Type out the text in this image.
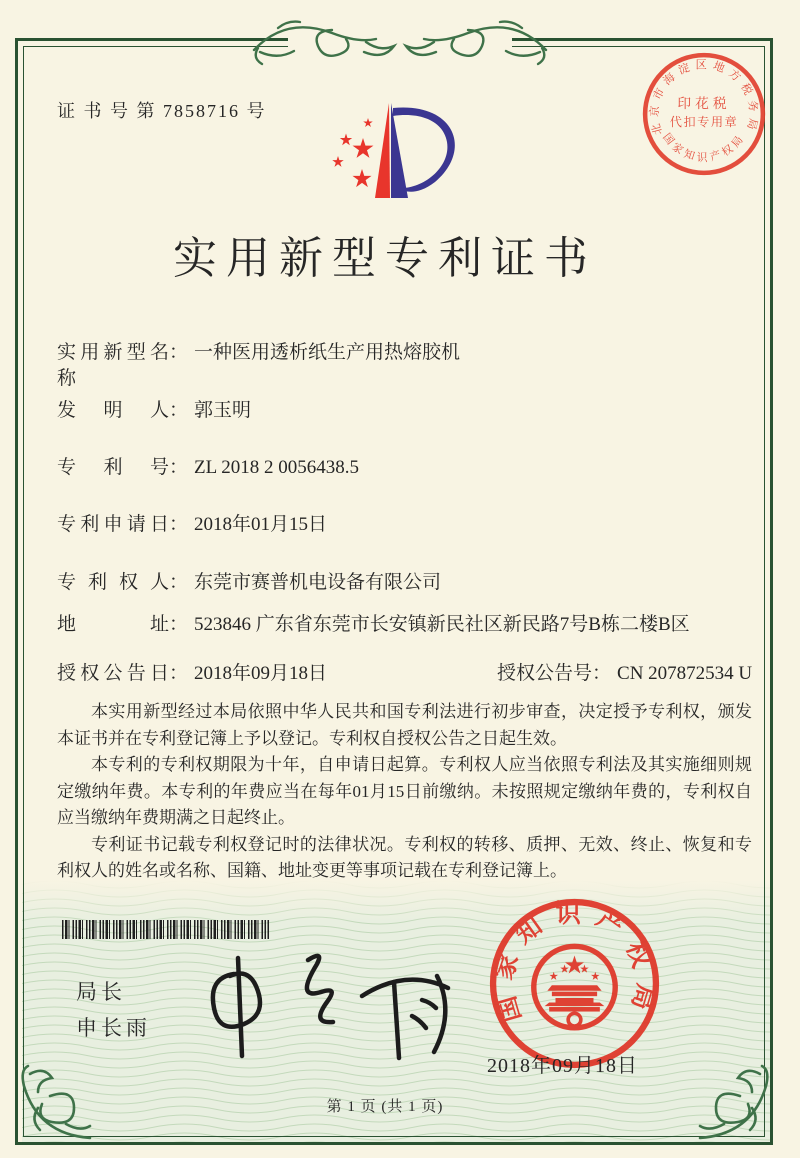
证 书 号 第 7858716 号
北京市海淀区地方税务局
国家知识产权局
印花税
代扣专用章
实用新型专利证书
实用新型名称
： 一种医用透析纸生产用热熔胶机
发明人 ： 郭玉明
专利号 ： ZL 2018 2 0056438.5
专利申请日 ： 2018年01月15日
专利权人 ： 东莞市赛普机电设备有限公司
地址 ： 523846 广东省东莞市长安镇新民社区新民路7号B栋二楼B区
授权公告日 ： 2018年09月18日	授权公告号 ： CN 207872534 U

本实用新型经过本局依照中华人民共和国专利法进行初步审查，决定授予专利权，颁发本证书并在专利登记簿上予以登记。专利权自授权公告之日起生效。

本专利的专利权期限为十年，自申请日起算。专利权人应当依照专利法及其实施细则规定缴纳年费。本专利的年费应当在每年01月15日前缴纳。未按照规定缴纳年费的，专利权自应当缴纳年费期满之日起终止。

专利证书记载专利权登记时的法律状况。专利权的转移、质押、无效、终止、恢复和专利权人的姓名或名称、国籍、地址变更等事项记载在专利登记簿上。

局长
申长雨
国家知识产权局
2018年09月18日
第 1 页 (共 1 页)
